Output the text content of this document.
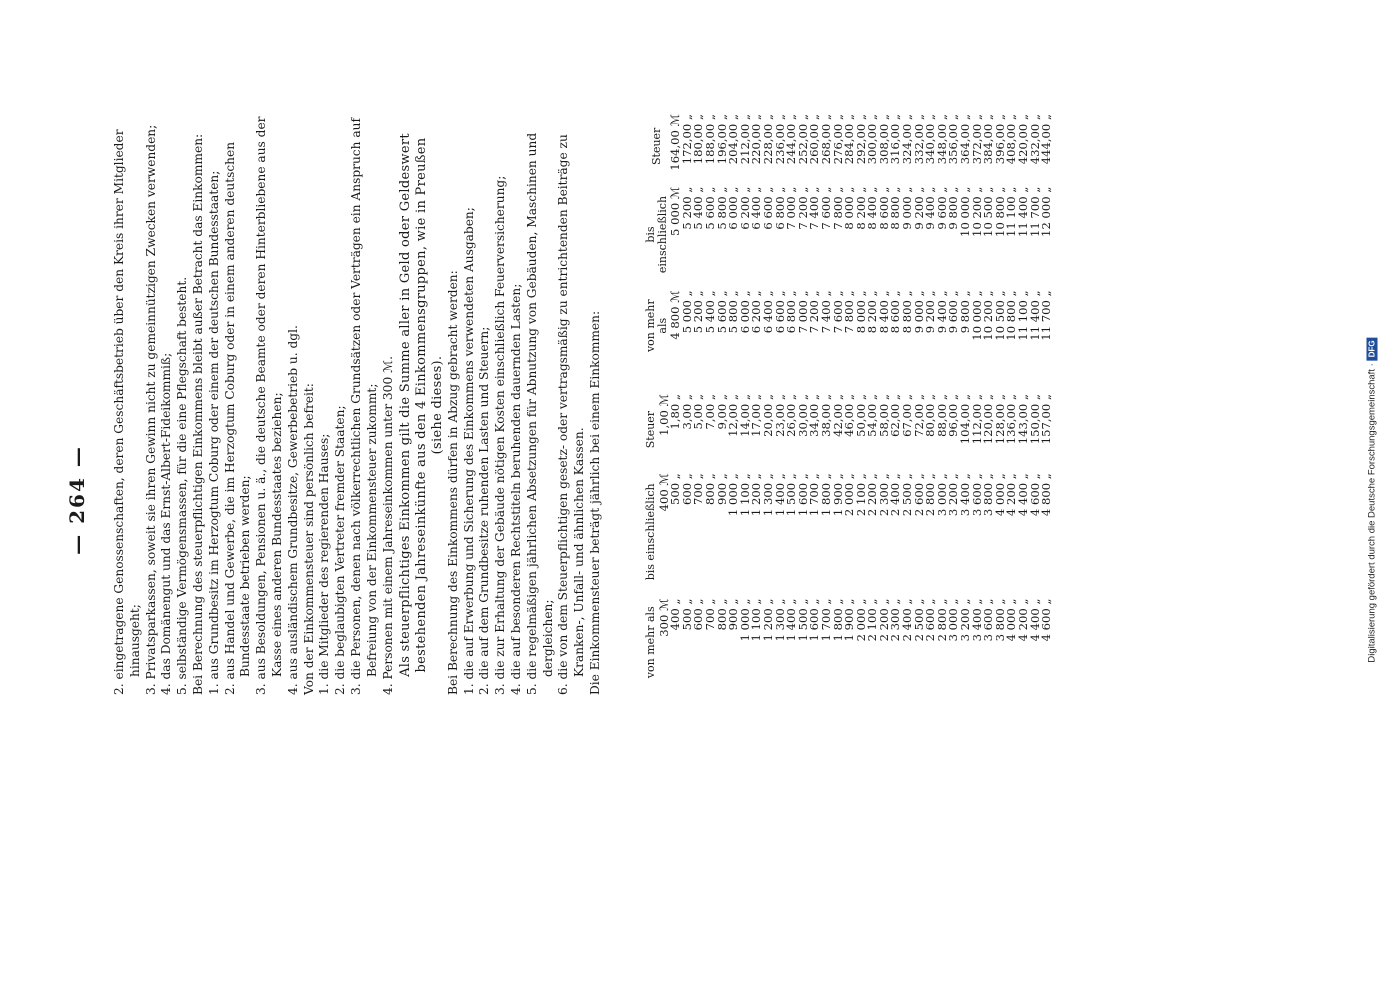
— 264 — 2. eingetragene Genossenschaften, deren Geschäftsbetrieb über den Kreis ihrer Mitglieder hinausgeht; 3. Privatsparkassen, soweit sie ihren Gewinn nicht zu gemeinnützigen Zwecken verwenden; 4. das Domänengut und das Ernst-Albert-Fideikommiß; 5. selbständige Vermögensmassen, für die eine Pflegschaft besteht. Bei Berechnung des steuerpflichtigen Einkommens bleibt außer Betracht das Einkommen: 1. aus Grundbesitz im Herzogtum Coburg oder einem der deutschen Bundesstaaten; 2. aus Handel und Gewerbe, die im Herzogtum Coburg oder in einem anderen deutschen Bundesstaate betrieben werden; 3. aus Besoldungen, Pensionen u. ä., die deutsche Beamte oder deren Hinterbliebene aus der Kasse eines anderen Bundesstaates beziehen; 4. aus ausländischem Grundbesitze, Gewerbebetrieb u. dgl. Von der Einkommensteuer sind persönlich befreit: 1. die Mitglieder des regierenden Hauses; 2. die beglaubigten Vertreter fremder Staaten; 3. die Personen, denen nach völkerrechtlichen Grundsätzen oder Verträgen ein Anspruch auf Befreiung von der Einkommensteuer zukommt; 4. Personen mit einem Jahreseinkommen unter 300 ℳ. Als steuerpflichtiges Einkommen gilt die Summe aller in Geld oder Geldeswert bestehenden Jahreseinkünfte aus den 4 Einkommensgruppen, wie in Preußen (siehe dieses). Bei Berechnung des Einkommens dürfen in Abzug gebracht werden: 1. die auf Erwerbung und Sicherung des Einkommens verwendeten Ausgaben; 2. die auf dem Grundbesitze ruhenden Lasten und Steuern; 3. die zur Erhaltung der Gebäude nötigen Kosten einschließlich Feuerversicherung; 4. die auf besonderen Rechtstiteln beruhenden dauernden Lasten; 5. die regelmäßigen jährlichen Absetzungen für Abnutzung von Gebäuden, Maschinen und dergleichen; 6. die von dem Steuerpflichtigen gesetz- oder vertragsmäßig zu entrichtenden Beiträge zu Kranken-, Unfall- und ähnlichen Kassen. Die Einkommensteuer beträgt jährlich bei einem Einkommen:	von mehr als	bis einschließlich	Steuer
300 ℳ	400 ℳ	1,00 ℳ
400 „	500 „	1,80 „
500 „	600 „	3,00 „
600 „	700 „	5,00 „
700 „	800 „	7,00 „
800 „	900 „	9,00 „
900 „	1 000 „	12,00 „
1 000 „	1 100 „	14,00 „
1 100 „	1 200 „	17,00 „
1 200 „	1 300 „	20,00 „
1 300 „	1 400 „	23,00 „
1 400 „	1 500 „	26,00 „
1 500 „	1 600 „	30,00 „
1 600 „	1 700 „	34,00 „
1 700 „	1 800 „	38,00 „
1 800 „	1 900 „	42,00 „
1 900 „	2 000 „	46,00 „
2 000 „	2 100 „	50,00 „
2 100 „	2 200 „	54,00 „
2 200 „	2 300 „	58,00 „
2 300 „	2 400 „	62,00 „
2 400 „	2 500 „	67,00 „
2 500 „	2 600 „	72,00 „
2 600 „	2 800 „	80,00 „
2 800 „	3 000 „	88,00 „
3 000 „	3 200 „	96,00 „
3 200 „	3 400 „	104,00 „
3 400 „	3 600 „	112,00 „
3 600 „	3 800 „	120,00 „
3 800 „	4 000 „	128,00 „
4 000 „	4 200 „	136,00 „
4 200 „	4 400 „	143,00 „
4 400 „	4 600 „	150,00 „
4 600 „	4 800 „	157,00 „
von mehr als	bis einschließlich	Steuer
4 800 ℳ	5 000 ℳ	164,00 ℳ
5 000 „	5 200 „	172,00 „
5 200 „	5 400 „	180,00 „
5 400 „	5 600 „	188,00 „
5 600 „	5 800 „	196,00 „
5 800 „	6 000 „	204,00 „
6 000 „	6 200 „	212,00 „
6 200 „	6 400 „	220,00 „
6 400 „	6 600 „	228,00 „
6 600 „	6 800 „	236,00 „
6 800 „	7 000 „	244,00 „
7 000 „	7 200 „	252,00 „
7 200 „	7 400 „	260,00 „
7 400 „	7 600 „	268,00 „
7 600 „	7 800 „	276,00 „
7 800 „	8 000 „	284,00 „
8 000 „	8 200 „	292,00 „
8 200 „	8 400 „	300,00 „
8 400 „	8 600 „	308,00 „
8 600 „	8 800 „	316,00 „
8 800 „	9 000 „	324,00 „
9 000 „	9 200 „	332,00 „
9 200 „	9 400 „	340,00 „
9 400 „	9 600 „	348,00 „
9 600 „	9 800 „	356,00 „
9 800 „	10 000 „	364,00 „
10 000 „	10 200 „	372,00 „
10 200 „	10 500 „	384,00 „
10 500 „	10 800 „	396,00 „
10 800 „	11 100 „	408,00 „
11 100 „	11 400 „	420,00 „
11 400 „	11 700 „	432,00 „
11 700 „	12 000 „	444,00 „
Digitalisierung gefördert durch die Deutsche Forschungsgemeinschaft ·DFG
